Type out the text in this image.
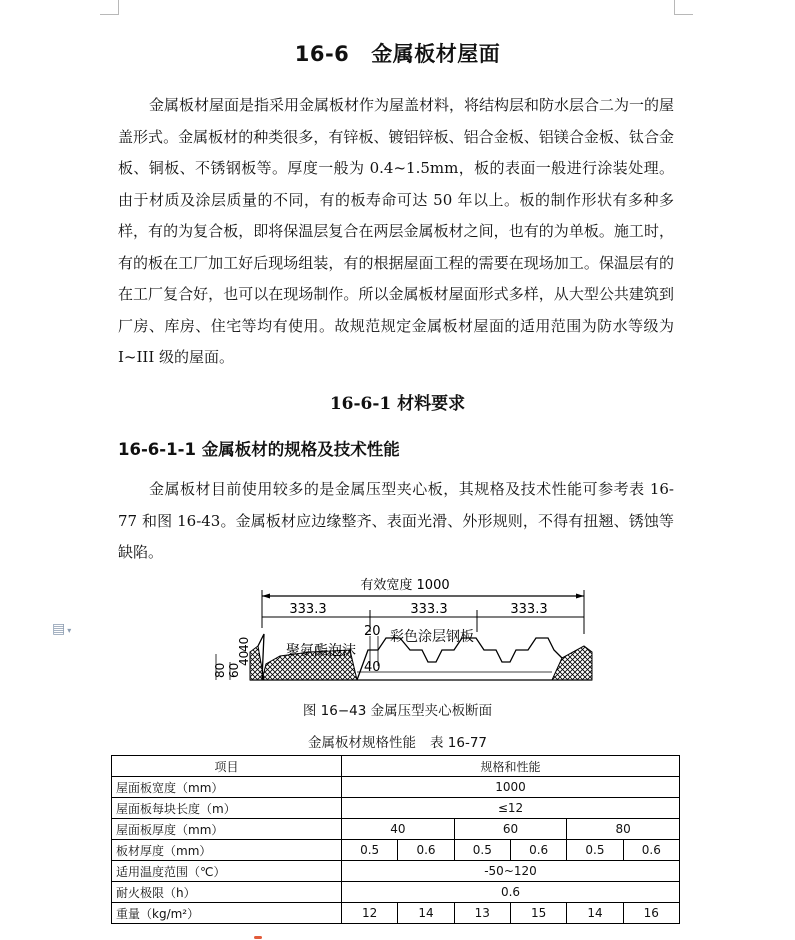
▤ ▾
16-6 金属板材屋面

金属板材屋面是指采用金属板材作为屋盖材料，将结构层和防水层合二为一的屋盖形式。金属板材的种类很多，有锌板、镀铝锌板、铝合金板、铝镁合金板、钛合金板、铜板、不锈钢板等。厚度一般为 0.4~1.5mm，板的表面一般进行涂装处理。由于材质及涂层质量的不同，有的板寿命可达 50 年以上。板的制作形状有多种多样，有的为复合板，即将保温层复合在两层金属板材之间，也有的为单板。施工时，有的板在工厂加工好后现场组装，有的根据屋面工程的需要在现场加工。保温层有的在工厂复合好，也可以在现场制作。所以金属板材屋面形式多样，从大型公共建筑到厂房、库房、住宅等均有使用。故规范规定金属板材屋面的适用范围为防水等级为 I~III 级的屋面。

16-6-1 材料要求
16-6-1-1 金属板材的规格及技术性能

金属板材目前使用较多的是金属压型夹心板，其规格及技术性能可参考表 16-77 和图 16-43。金属板材应边缘整齐、表面光滑、外形规则，不得有扭翘、锈蚀等缺陷。

有效宽度 1000
333.3	333.3	333.3
20
40
聚氨酯泡沫
彩色涂层钢板
80 60
40
40
图 16−43 金属压型夹心板断面
金属板材规格性能 表 16-77
项目	规格和性能					
屋面板宽度（mm）	1000					
屋面板每块长度（m）	≤12					
屋面板厚度（mm）	40		60		80	
板材厚度（mm）	0.5	0.6	0.5	0.6	0.5	0.6
适用温度范围（℃）	-50~120					
耐火极限（h）	0.6					
重量（kg/m²）	12	14	13	15	14	16
